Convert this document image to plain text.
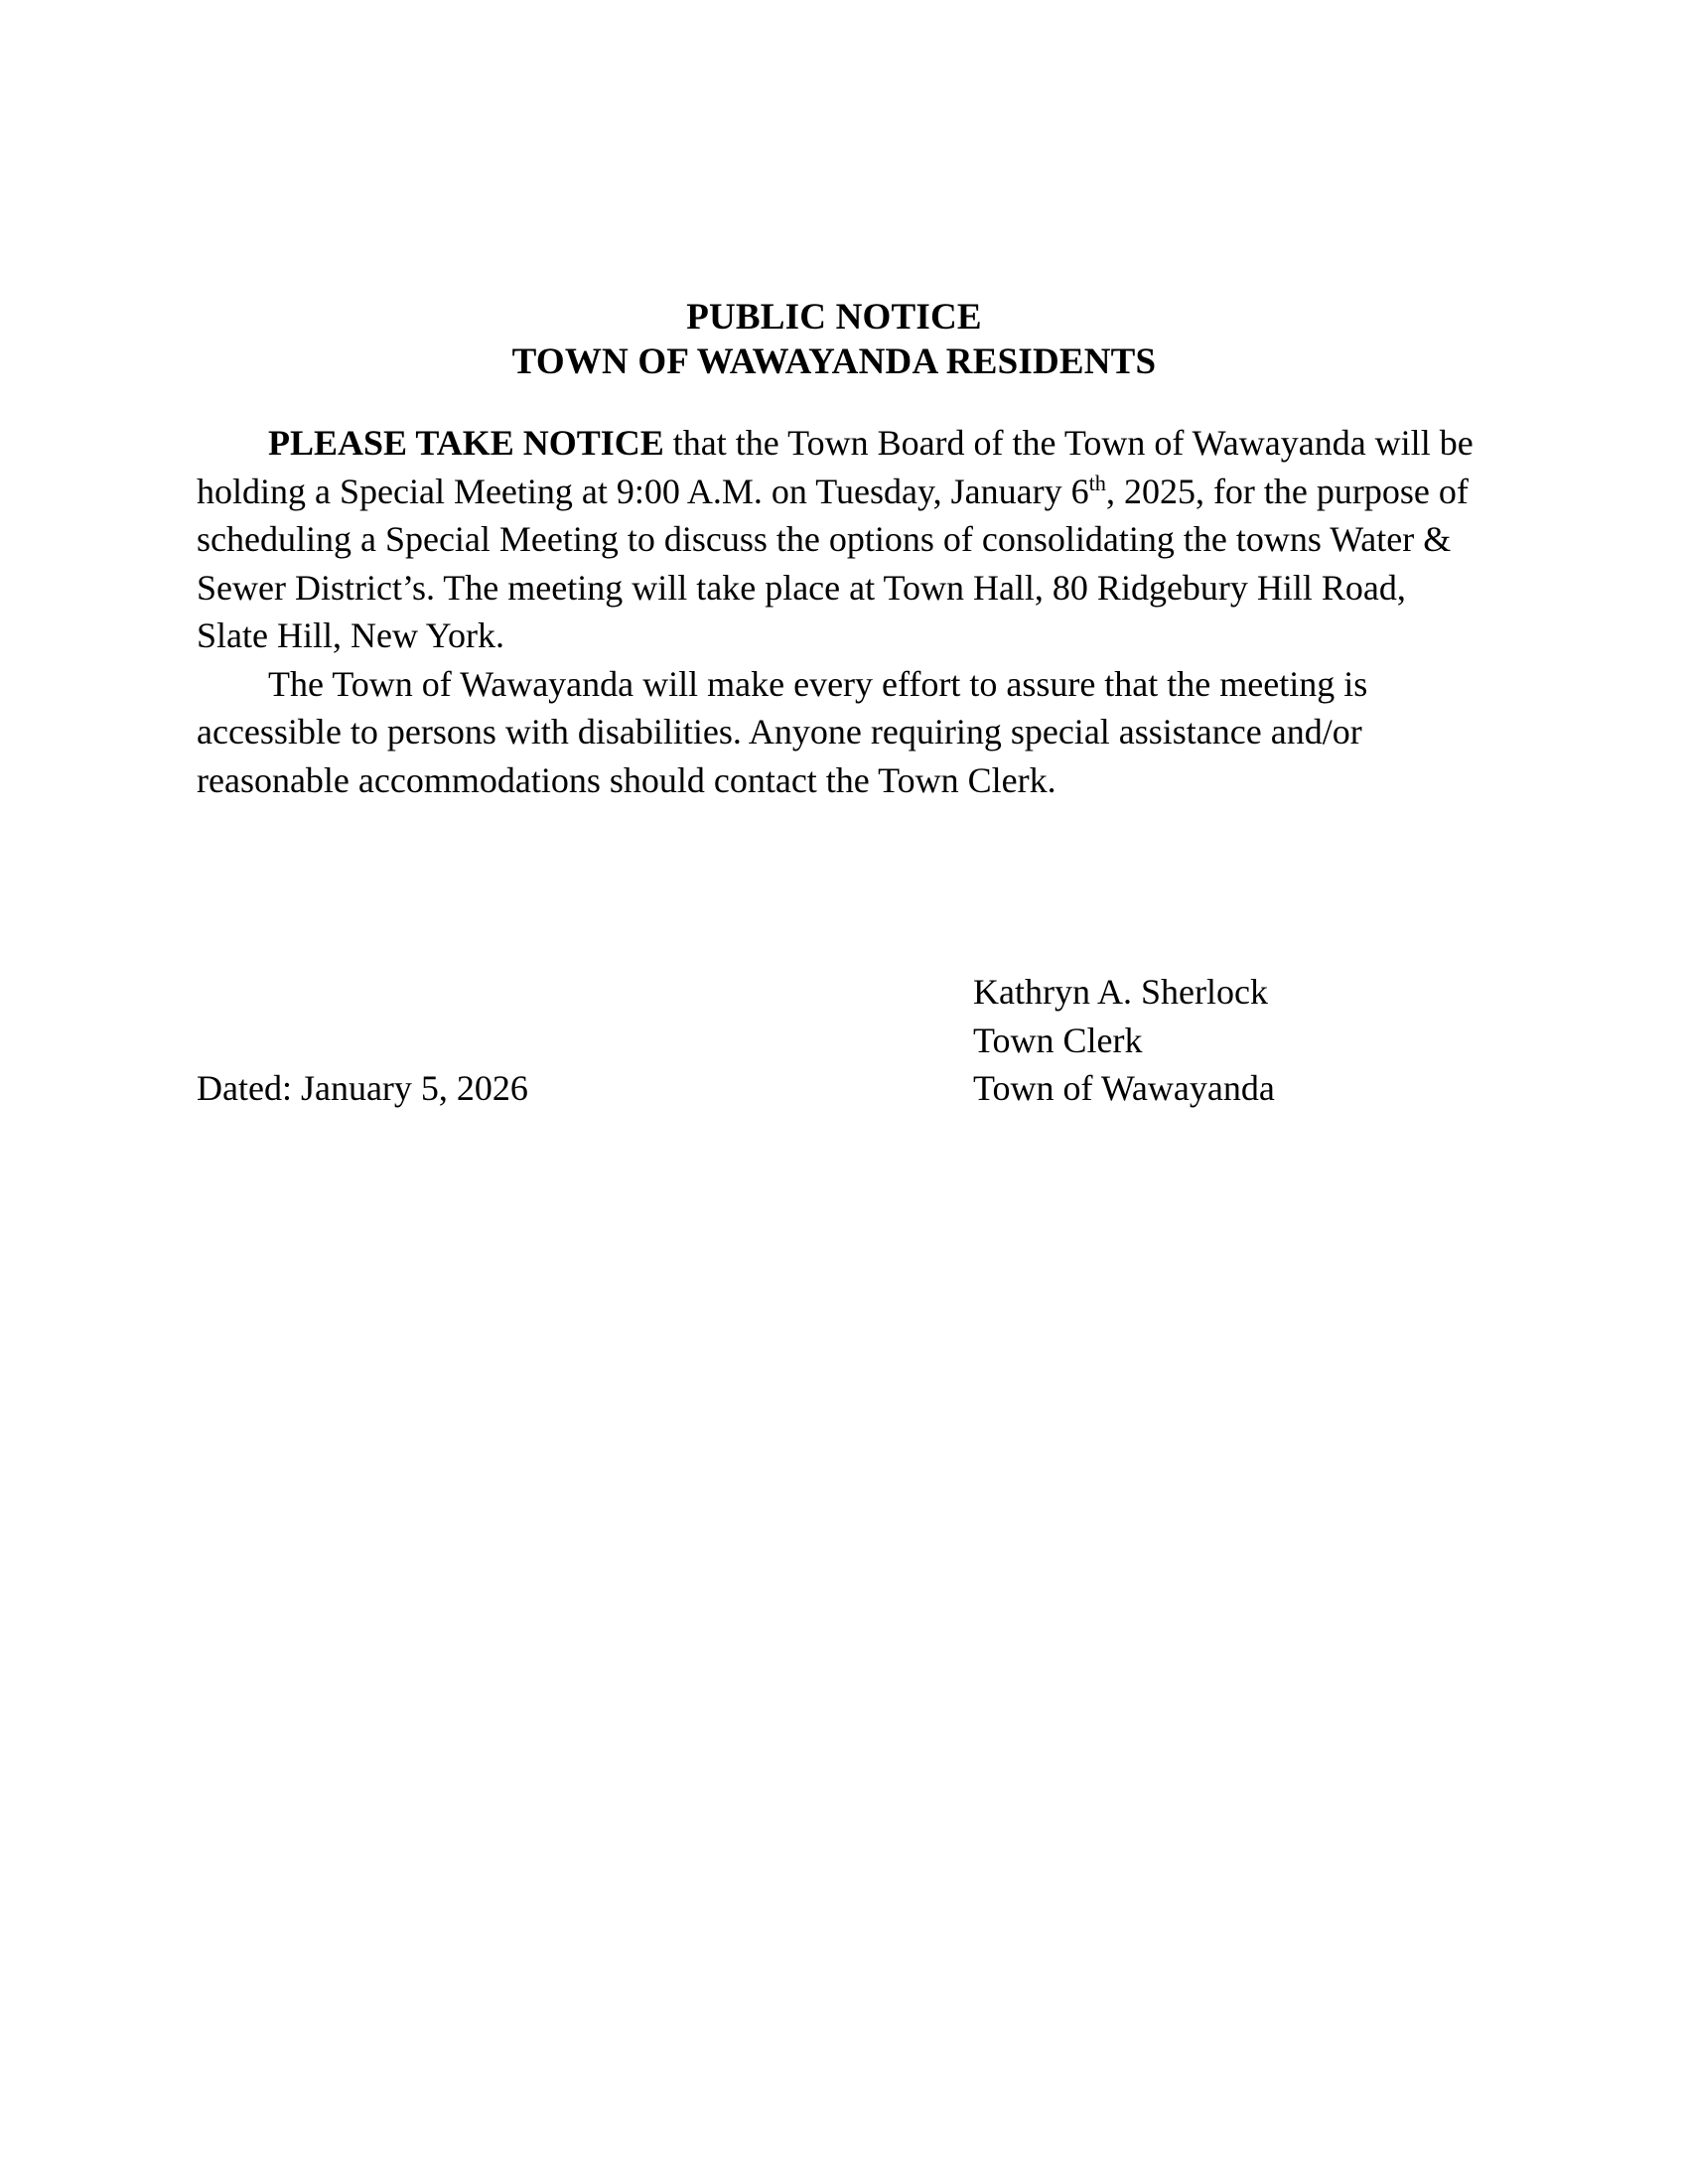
PUBLIC NOTICE
TOWN OF WAWAYANDA RESIDENTS

PLEASE TAKE NOTICE that the Town Board of the Town of Wawayanda will be holding a Special Meeting at 9:00 A.M. on Tuesday, January 6th, 2025, for the purpose of scheduling a Special Meeting to discuss the options of consolidating the towns Water & Sewer District’s. The meeting will take place at Town Hall, 80 Ridgebury Hill Road, Slate Hill, New York.

The Town of Wawayanda will make every effort to assure that the meeting is accessible to persons with disabilities. Anyone requiring special assistance and/or reasonable accommodations should contact the Town Clerk.

Kathryn A. Sherlock
Town Clerk
Town of Wawayanda
Dated: January 5, 2026
